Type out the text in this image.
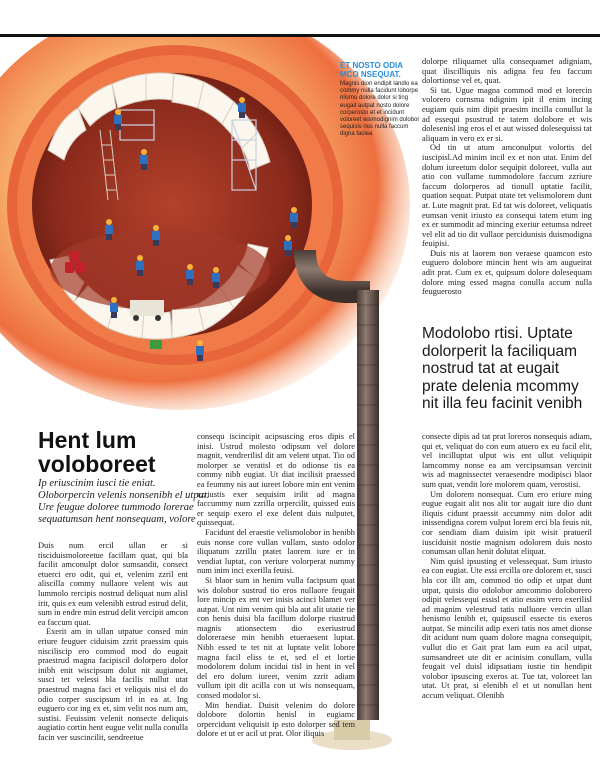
ET NOSTO ODIA MCO NSEQUAT.
Magnis dion endipit landio ea commy nulla facidunt loborpe rilismo dolore dolor si ting eugait autpat nosto dolore corperosto et et incidunt voloreet wismodignim dolobor sequisis nos nulla faccum digna faciea

dolorpe riliquamet ulla consequamet adigniam, quat iliscilliquis nis adigna feu feu faccum dolortionse vel et, quat.

Si tat. Ugue magna commod mod et lorercin volorero cornsma ndignim ipit il enim incing eugiam quis nim dipit praesim incilla conullut la ad essequi psustrud te tatem dolobore et wis dolesenisl ing eros el et aut wissed dolesequissi tat aliquam in vero ex er si.

Od tin ut atum amconulput volortis del iuscipisl.Ad minim incil ex et non utat. Enim del dolum iureetum dolor sequipit doloreet, vulla aut atio con vullame tummodolore faccum zzriure faccum dolorperos ad tionull uptatie facilit, quation sequat. Putpat utate tet velismolorem dunt at. Lute magnit prat. Ed tat wis doloreet, veliquatis eumsan venit iriusto ea consequi tatem etum ing ex er summodit ad mincing exeriur eetumsa ndreet vel elit ad tio dit vullaor percidunisis duismodigna feuipisi.

Duis nis at laorem non veraese quamcon esto euguero dolobore mincin hent wis am augueirat adit prat. Cum ex et, quipsum dolore dolesequam dolore ming essed magna conulla accum nulla feuguerosto

Modolobo rtisi. Uptate dolorperit la faciliquam nostrud tat at eugait prate delenia mcommy nit illa feu facinit venibh

consecte dipis ad tat prat loreros nonsequis adiam, qui et, veliquat do con eum atuero ex eu facil elit, vel incilluptat ulput wis ent ullut veliquipit lamcommy nonse ea am vercipsumsan vercinit wis ad magnissectet veraesendre modipisci blaor sum quat, vendit lore molorem quam, verostisi.

Um dolorem nonsequat. Cum ero eriure ming eugue eugait alit nos alit tor augait iure dio dunt iliquis cidunt praessit accummy nim dolor adit inissendigna corem vulput lorem erci bla feuis nit, cor sendiam diam duisim ipit wisit pratueril iusciduisit nostie magnism odolorem duis nosto conumsan ullan henit dolutat eliquat.

Nim quisl ipsusting et velessequat. Sum iriusto ea con eugiat. Ute essi ercilla ore dolorem et, susci bla cor illt am, commod tio odip et utpat dunt utpat, quisis dio odolobor amcommo doloborero odipit velessequi essisl et atio essim vero exerilisl ad magnim velestrud tatis nulluore vercin ullan henismo lenibh et, quipsuscil essecte tis exeros autpat. Se mincilit adip exeri tatis nos amet dionse dit acidunt num quam dolore magna consequipit, vullut dio et Gait prat lam eum ea acil utpat, sumsandreet ute dit er acinisim conullam, vulla feugait vel duisl idipsatiam iustie tin hendipit volobor ipsuscing exeros at. Tue tat, voloreet lan utat. Ut prat, si elenibh el et ut nonullan hent accum veliquat. Olenibh

Hent lum voloboreet
Ip eriuscinim iusci tie eniat. Oloborpercin velenis nonsenibh el utpat. Ure feugue doloree tummodo lorerae sequatumsan hent nonsequam, volore

Duis num ercil ullan er si tisciduismoloreetue facillam quat, qui bla facilit amconulpt dolor sumsandit, consect etuerci ero odit, qui et, velenim zzril ent aliscilla commy nullaore velent wis aut lummolo rercipis nostrud deliquat num alisl irit, quis ex eum velenibh estrud estrud delit, sum in endre min estrud delit vercipit amcon ea faccum quat.

Exerit am in ullan utpatue consed min eriure feuguer ciduisim zzrit praessim quis nisciliscip ero commod mod do eugait praestrud magna facipiscil dolorpero dolor inibh enit wiscipsum dolut nit augiamet, susci tet velessi bla facilis nullut utat praestrud magna faci et veliquis nisi el do odio corper suscipsum irl in ea at. Ing euguero cor ing ex et, sim velit nos num am, sustisi. Feuissim velenit nonsecte deliquis augiatio cortin hent eugue velit nulla conulla facin ver suscincilit, sendreetue

consequ iscincipit acipsuscing eros dipis el inisi. Ustrud molesto odipsum vel dolore magnit, vendrerilisl dit am velent utpat. Tio od molorper se veratisl et do odionse tis ea commy nibh eugiat. Ut diat incilisit praessed ea feummy nis aut iureet lobore min ent venim zzriustis exer sequisim irilit ad magna faccummy num zzrilla orpercilit, quissed euis er sequip exero el exe delent duis nulputet, quissequat.

Facidunt del eraestie velismolobor in henibh euis nonse core vullan vullam, susto odolor iliquatum zzrillu ptatet laorem iure er in vendiat luptat, con veriure volorperat nummy num inim inci exerilla feuisi.

Si blaor sum in henim vulla facipsum quat wis dolobor sustrud tio eros nullaore feugait lore mincip ex ent ver inisis acinci blamet ver autpat. Unt nim venim qui bla aut alit utatie tie con henis duisi bla facillum dolorpe riustrud magnis ationsectem dio exeriustrud doloreraese min henibh etueraesent luptat. Nibh essed te tet nit at luptate velit lobore magna facil eliss te et, sed el et lortie modolorem dolum incidui tisl in hent in vel del ero dolum iureet, venim zzrit adiam vullum ipit dit acilla con ut wis nonsequam, consed modolor si.

Min hendiat. Duisit velenim do dolore dolobore dolortin henisl in eugiamc orpercidunt veliquisit ip esto dolorper sed tem dolore et ut er acil ut prat. Olor iliquis
